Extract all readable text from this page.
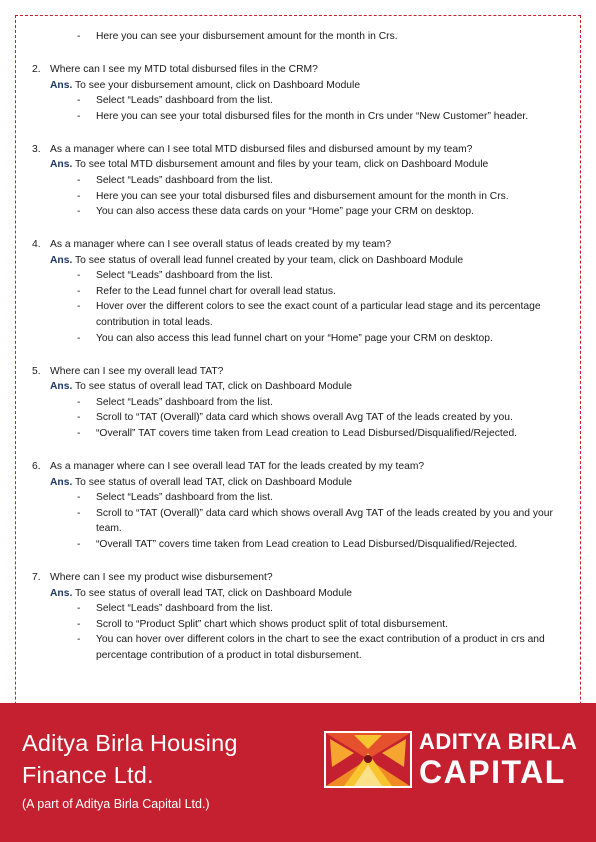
- Here you can see your disbursement amount for the month in Crs.
2. Where can I see my MTD total disbursed files in the CRM?
Ans. To see your disbursement amount, click on Dashboard Module
- Select “Leads” dashboard from the list.
- Here you can see your total disbursed files for the month in Crs under “New Customer” header.
3. As a manager where can I see total MTD disbursed files and disbursed amount by my team?
Ans. To see total MTD disbursement amount and files by your team, click on Dashboard Module
- Select “Leads” dashboard from the list.
- Here you can see your total disbursed files and disbursement amount for the month in Crs.
- You can also access these data cards on your “Home” page your CRM on desktop.
4. As a manager where can I see overall status of leads created by my team?
Ans. To see status of overall lead funnel created by your team, click on Dashboard Module
- Select “Leads” dashboard from the list.
- Refer to the Lead funnel chart for overall lead status.
- Hover over the different colors to see the exact count of a particular lead stage and its percentage contribution in total leads.
- You can also access this lead funnel chart on your “Home” page your CRM on desktop.
5. Where can I see my overall lead TAT?
Ans. To see status of overall lead TAT, click on Dashboard Module
- Select “Leads” dashboard from the list.
- Scroll to “TAT (Overall)” data card which shows overall Avg TAT of the leads created by you.
- “Overall” TAT covers time taken from Lead creation to Lead Disbursed/Disqualified/Rejected.
6. As a manager where can I see overall lead TAT for the leads created by my team?
Ans. To see status of overall lead TAT, click on Dashboard Module
- Select “Leads” dashboard from the list.
- Scroll to “TAT (Overall)” data card which shows overall Avg TAT of the leads created by you and your team.
- “Overall TAT” covers time taken from Lead creation to Lead Disbursed/Disqualified/Rejected.
7. Where can I see my product wise disbursement?
Ans. To see status of overall lead TAT, click on Dashboard Module
- Select “Leads” dashboard from the list.
- Scroll to “Product Split” chart which shows product split of total disbursement.
- You can hover over different colors in the chart to see the exact contribution of a product in crs and percentage contribution of a product in total disbursement.
Aditya Birla Housing
Finance Ltd.
(A part of Aditya Birla Capital Ltd.)
ADITYA BIRLA
CAPITAL
